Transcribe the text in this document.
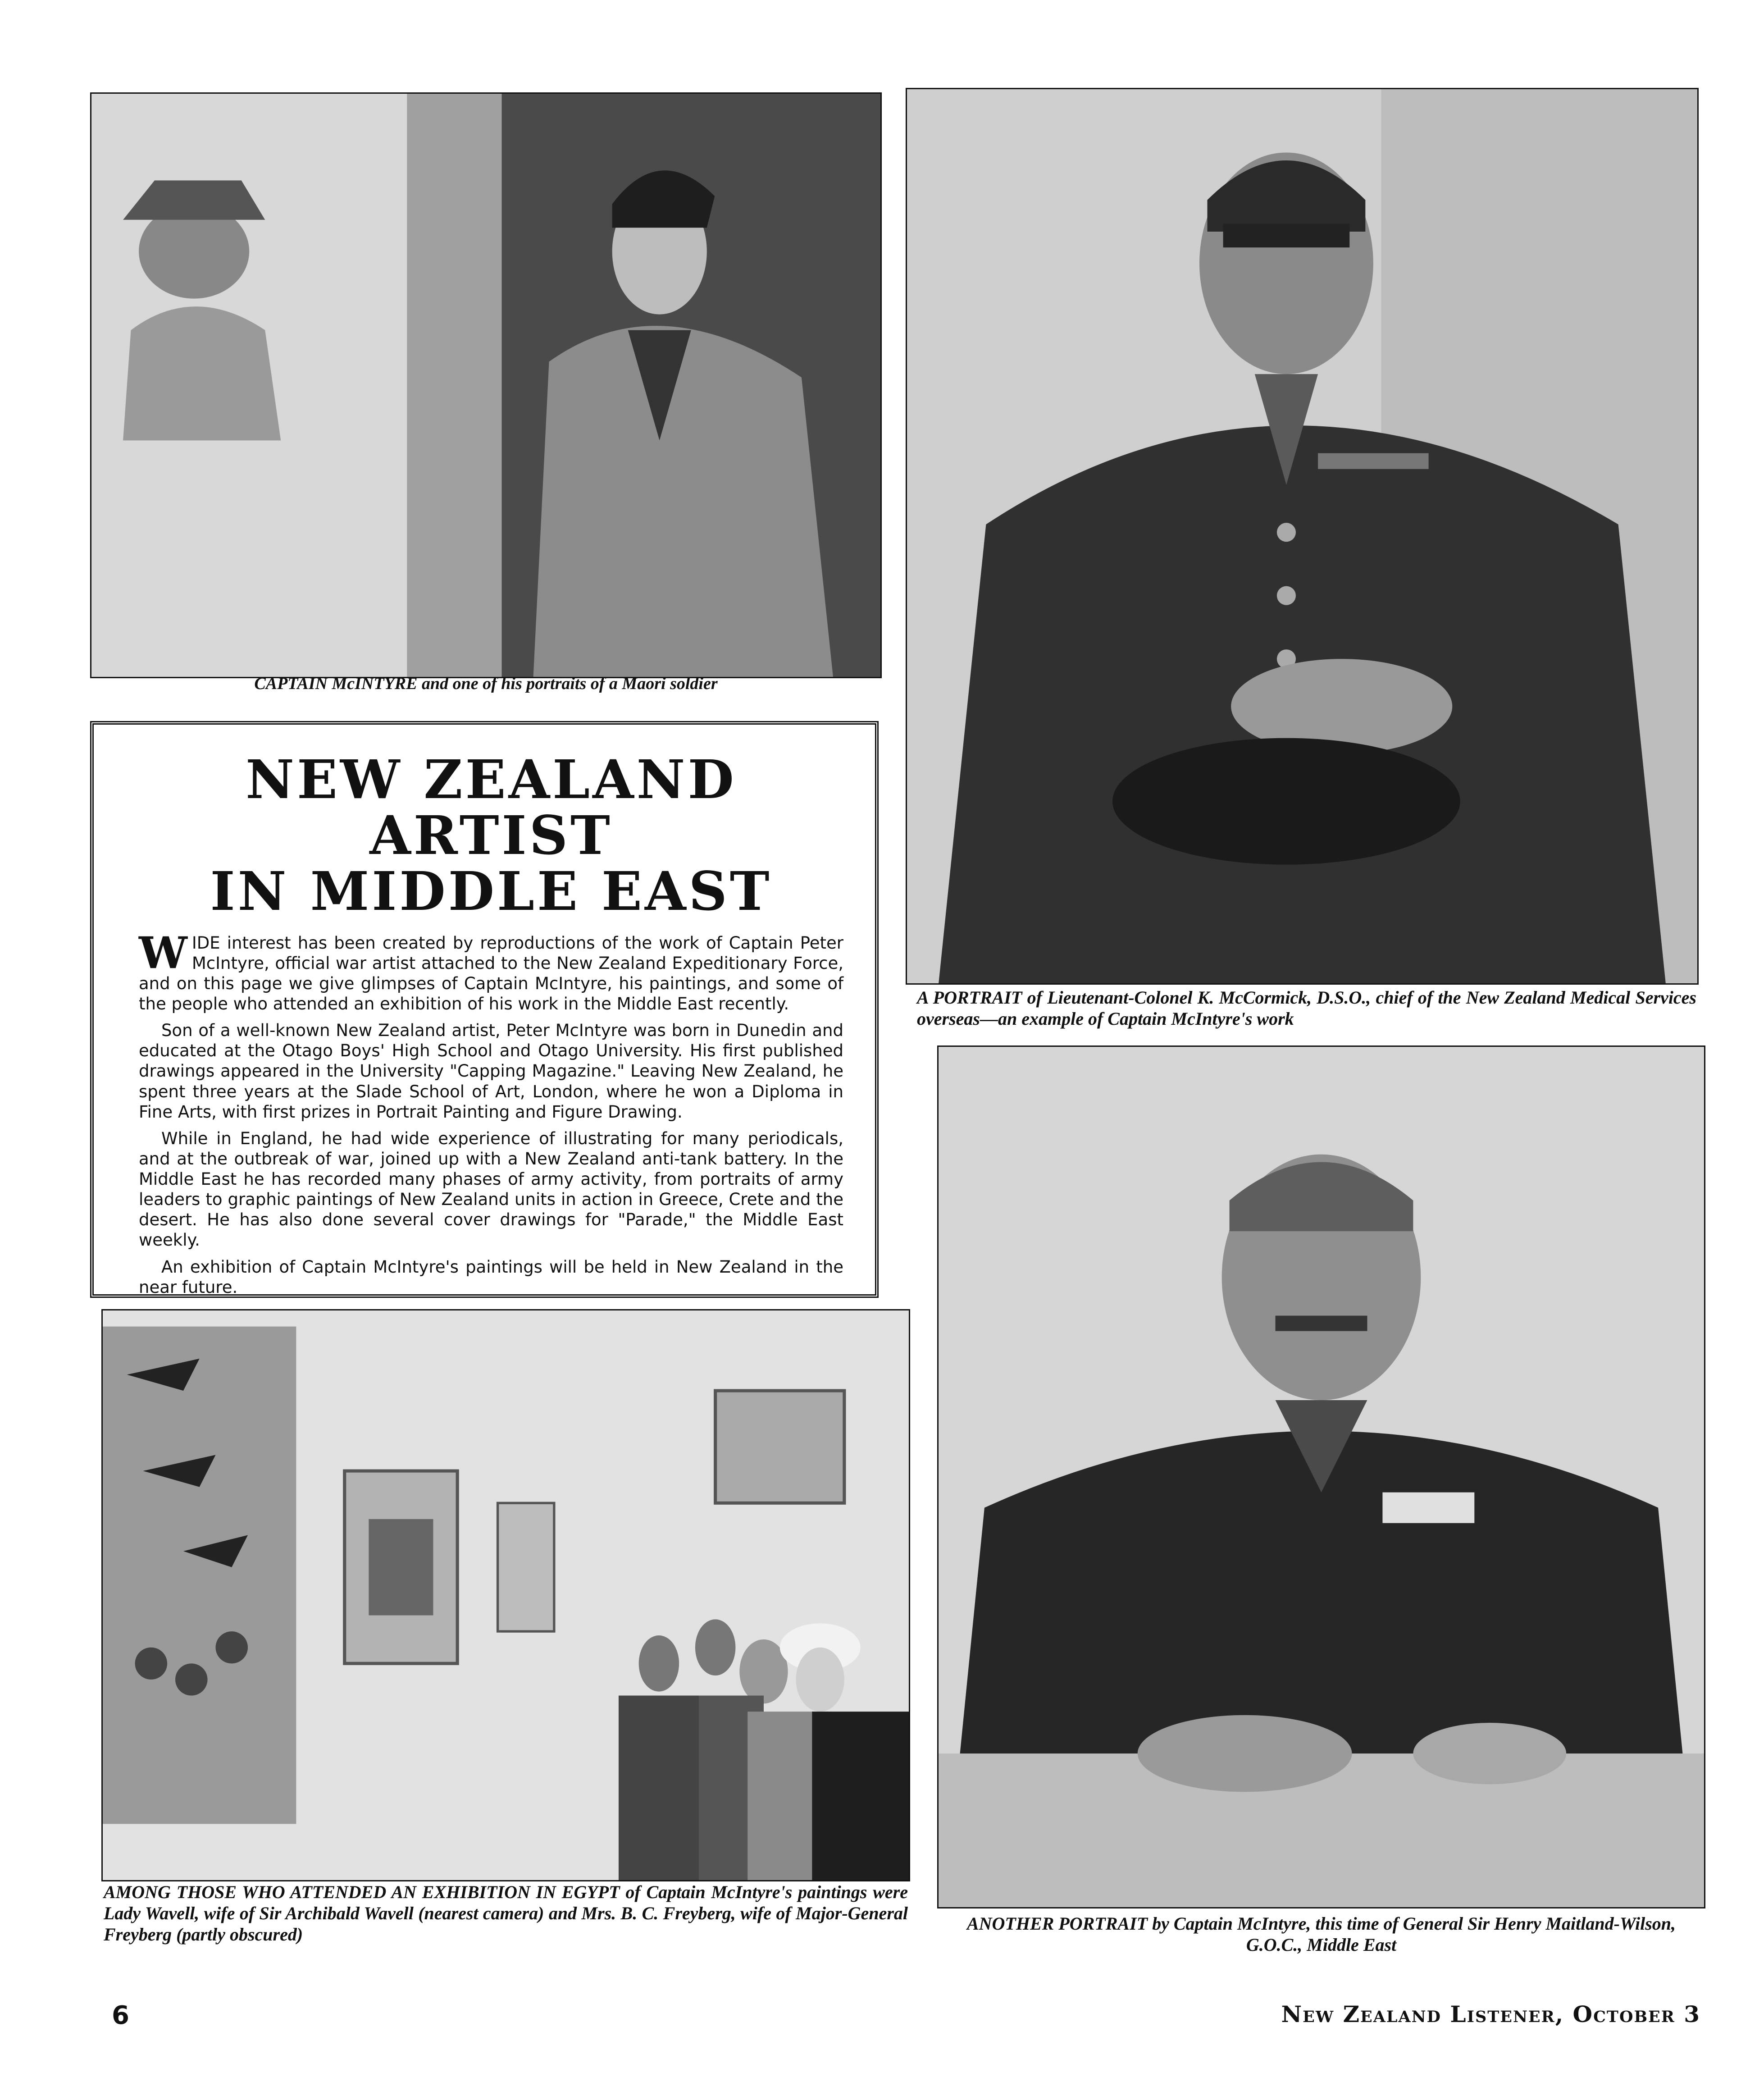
CAPTAIN McINTYRE and one of his portraits of a Maori soldier
A PORTRAIT of Lieutenant-Colonel K. McCormick, D.S.O., chief of the New Zealand Medical Services overseas—an example of Captain McIntyre's work
NEW ZEALAND ARTIST
IN MIDDLE EAST

WIDE interest has been created by reproductions of the work of Captain Peter McIntyre, official war artist attached to the New Zealand Expeditionary Force, and on this page we give glimpses of Captain McIntyre, his paintings, and some of the people who attended an exhibition of his work in the Middle East recently.

Son of a well-known New Zealand artist, Peter McIntyre was born in Dunedin and educated at the Otago Boys' High School and Otago University. His first published drawings appeared in the University "Capping Magazine." Leaving New Zealand, he spent three years at the Slade School of Art, London, where he won a Diploma in Fine Arts, with first prizes in Portrait Painting and Figure Drawing.

While in England, he had wide experience of illustrating for many periodicals, and at the outbreak of war, joined up with a New Zealand anti-tank battery. In the Middle East he has recorded many phases of army activity, from portraits of army leaders to graphic paintings of New Zealand units in action in Greece, Crete and the desert. He has also done several cover drawings for "Parade," the Middle East weekly.

An exhibition of Captain McIntyre's paintings will be held in New Zealand in the near future.

AMONG THOSE WHO ATTENDED AN EXHIBITION IN EGYPT of Captain McIntyre's paintings were Lady Wavell, wife of Sir Archibald Wavell (nearest camera) and Mrs. B. C. Freyberg, wife of Major-General Freyberg (partly obscured)
ANOTHER PORTRAIT by Captain McIntyre, this time of General Sir Henry Maitland-Wilson, G.O.C., Middle East
6	New Zealand Listener, October 3
